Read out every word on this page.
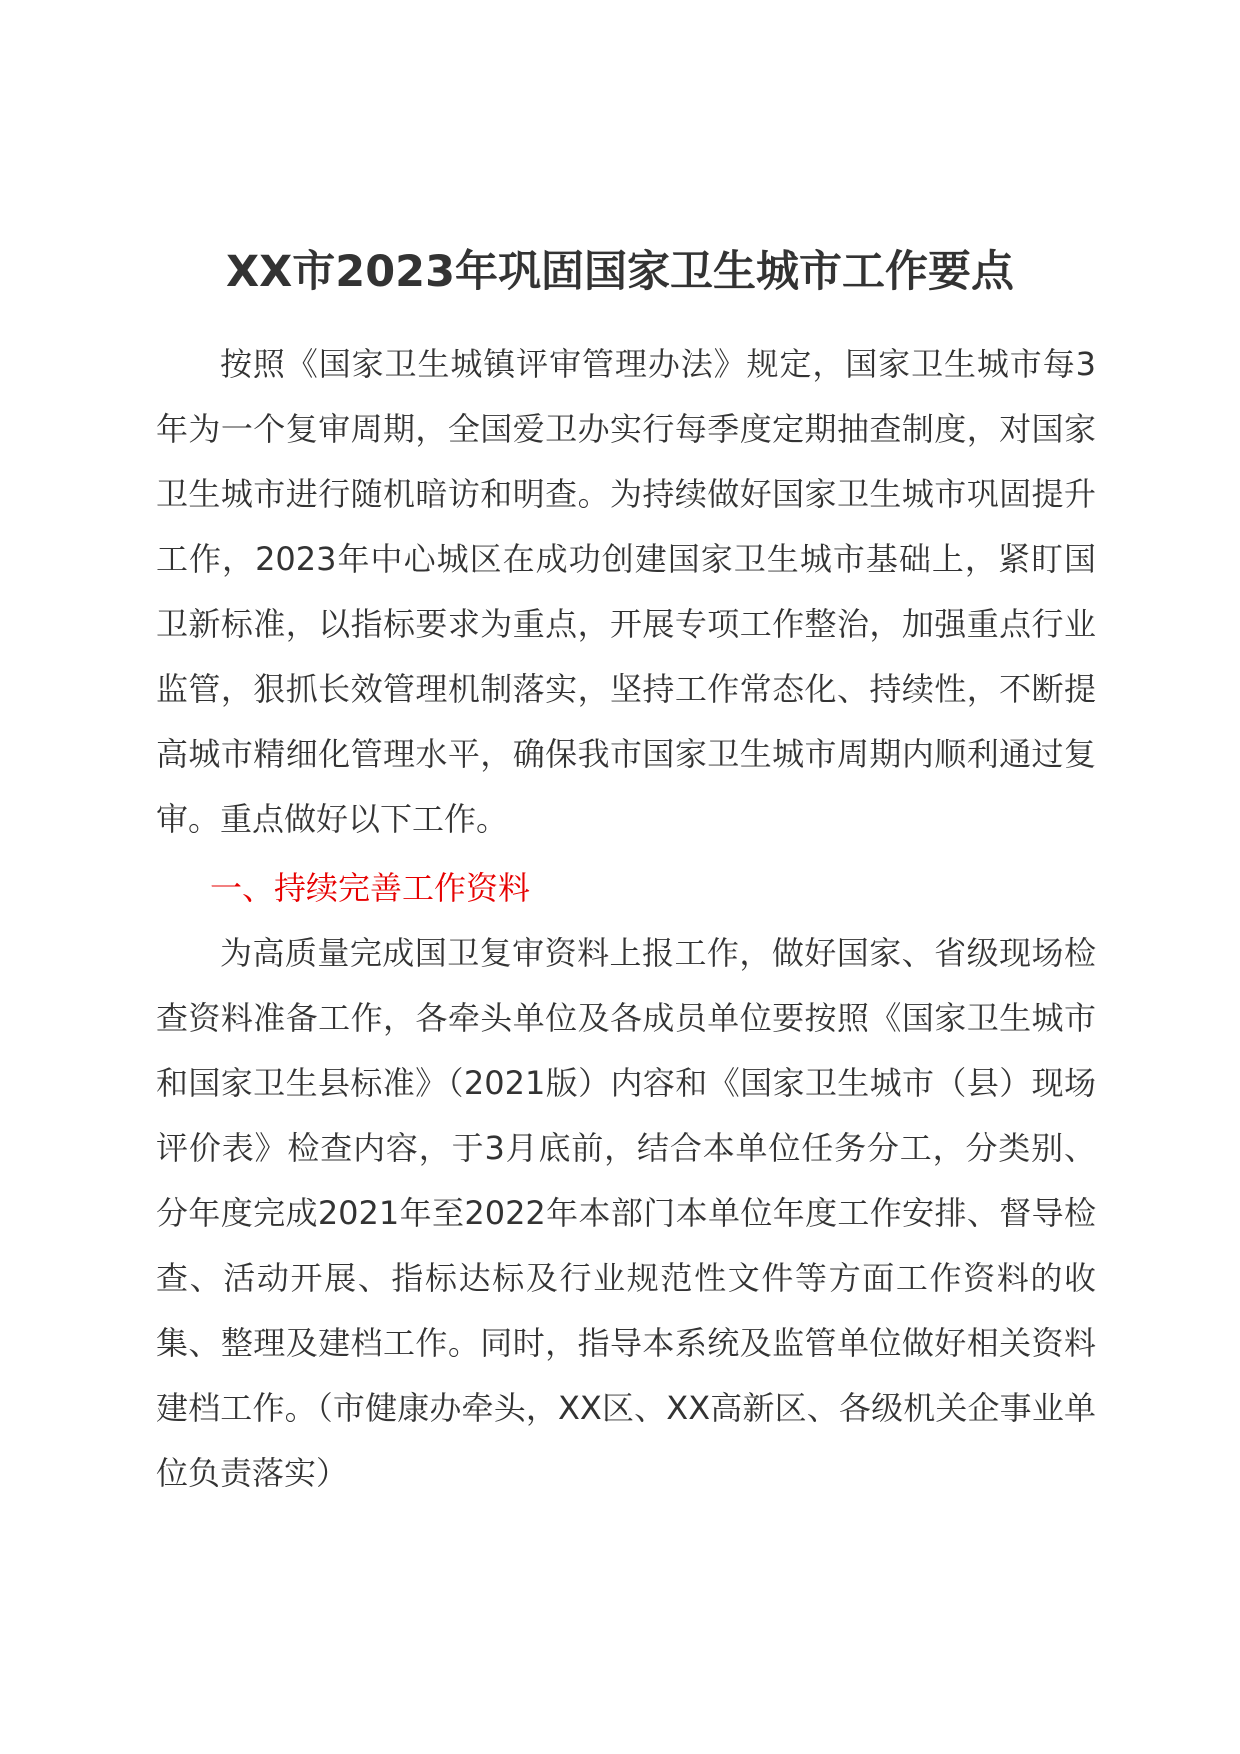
XX市2023年巩固国家卫生城市工作要点

按照《国家卫生城镇评审管理办法》规定，国家卫生城市每3年为一个复审周期，全国爱卫办实行每季度定期抽查制度，对国家卫生城市进行随机暗访和明查。为持续做好国家卫生城市巩固提升工作，2023年中心城区在成功创建国家卫生城市基础上，紧盯国卫新标准，以指标要求为重点，开展专项工作整治，加强重点行业监管，狠抓长效管理机制落实，坚持工作常态化、持续性，不断提高城市精细化管理水平，确保我市国家卫生城市周期内顺利通过复审。重点做好以下工作。

一、持续完善工作资料

为高质量完成国卫复审资料上报工作，做好国家、省级现场检查资料准备工作，各牵头单位及各成员单位要按照《国家卫生城市和国家卫生县标准》（2021版）内容和《国家卫生城市（县）现场评价表》检查内容，于3月底前，结合本单位任务分工，分类别、分年度完成2021年至2022年本部门本单位年度工作安排、督导检查、活动开展、指标达标及行业规范性文件等方面工作资料的收集、整理及建档工作。同时，指导本系统及监管单位做好相关资料建档工作。（市健康办牵头，XX区、XX高新区、各级机关企事业单位负责落实）
